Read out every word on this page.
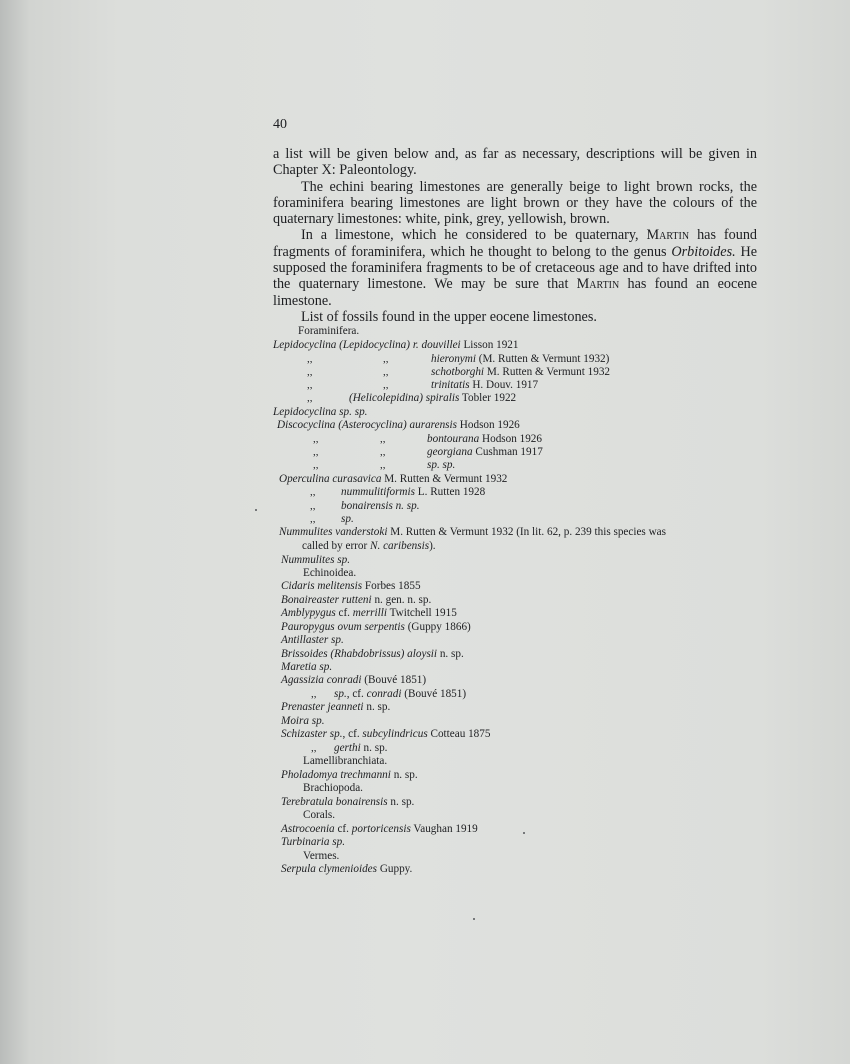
40

a list will be given below and, as far as necessary, descriptions will be given in Chapter X: Paleontology.

The echini bearing limestones are generally beige to light brown rocks, the foraminifera bearing limestones are light brown or they have the colours of the quaternary limestones: white, pink, grey, yellowish, brown.

In a limestone, which he considered to be quaternary, Martin has found fragments of foraminifera, which he thought to belong to the genus Orbitoides. He supposed the foraminifera fragments to be of cretaceous age and to have drifted into the quaternary limestone. We may be sure that Martin has found an eocene limestone.

List of fossils found in the upper eocene limestones.

Foraminifera.
Lepidocyclina (Lepidocyclina) r. douvillei Lisson 1921
,,	,,	hieronymi (M. Rutten & Vermunt 1932)
,,	,,	schotborghi M. Rutten & Vermunt 1932
,,	,,	trinitatis H. Douv. 1917
,,	(Helicolepidina) spiralis Tobler 1922
Lepidocyclina sp. sp.
Discocyclina (Asterocyclina) aurarensis Hodson 1926
,,	,,	bontourana Hodson 1926
,,	,,	georgiana Cushman 1917
,,	,,	sp. sp.
Operculina curasavica M. Rutten & Vermunt 1932
,, nummulitiformis L. Rutten 1928
,, bonairensis n. sp.
,, sp.
Nummulites vanderstoki M. Rutten & Vermunt 1932 (In lit. 62, p. 239 this species was
called by error N. caribensis).
Nummulites sp.
Echinoidea.
Cidaris melitensis Forbes 1855
Bonaireaster rutteni n. gen. n. sp.
Amblypygus cf. merrilli Twitchell 1915
Pauropygus ovum serpentis (Guppy 1866)
Antillaster sp.
Brissoides (Rhabdobrissus) aloysii n. sp.
Maretia sp.
Agassizia conradi (Bouvé 1851)
,, sp., cf. conradi (Bouvé 1851)
Prenaster jeanneti n. sp.
Moira sp.
Schizaster sp., cf. subcylindricus Cotteau 1875
,, gerthi n. sp.
Lamellibranchiata.
Pholadomya trechmanni n. sp.
Brachiopoda.
Terebratula bonairensis n. sp.
Corals.
Astrocoenia cf. portoricensis Vaughan 1919
Turbinaria sp.
Vermes.
Serpula clymenioides Guppy.
